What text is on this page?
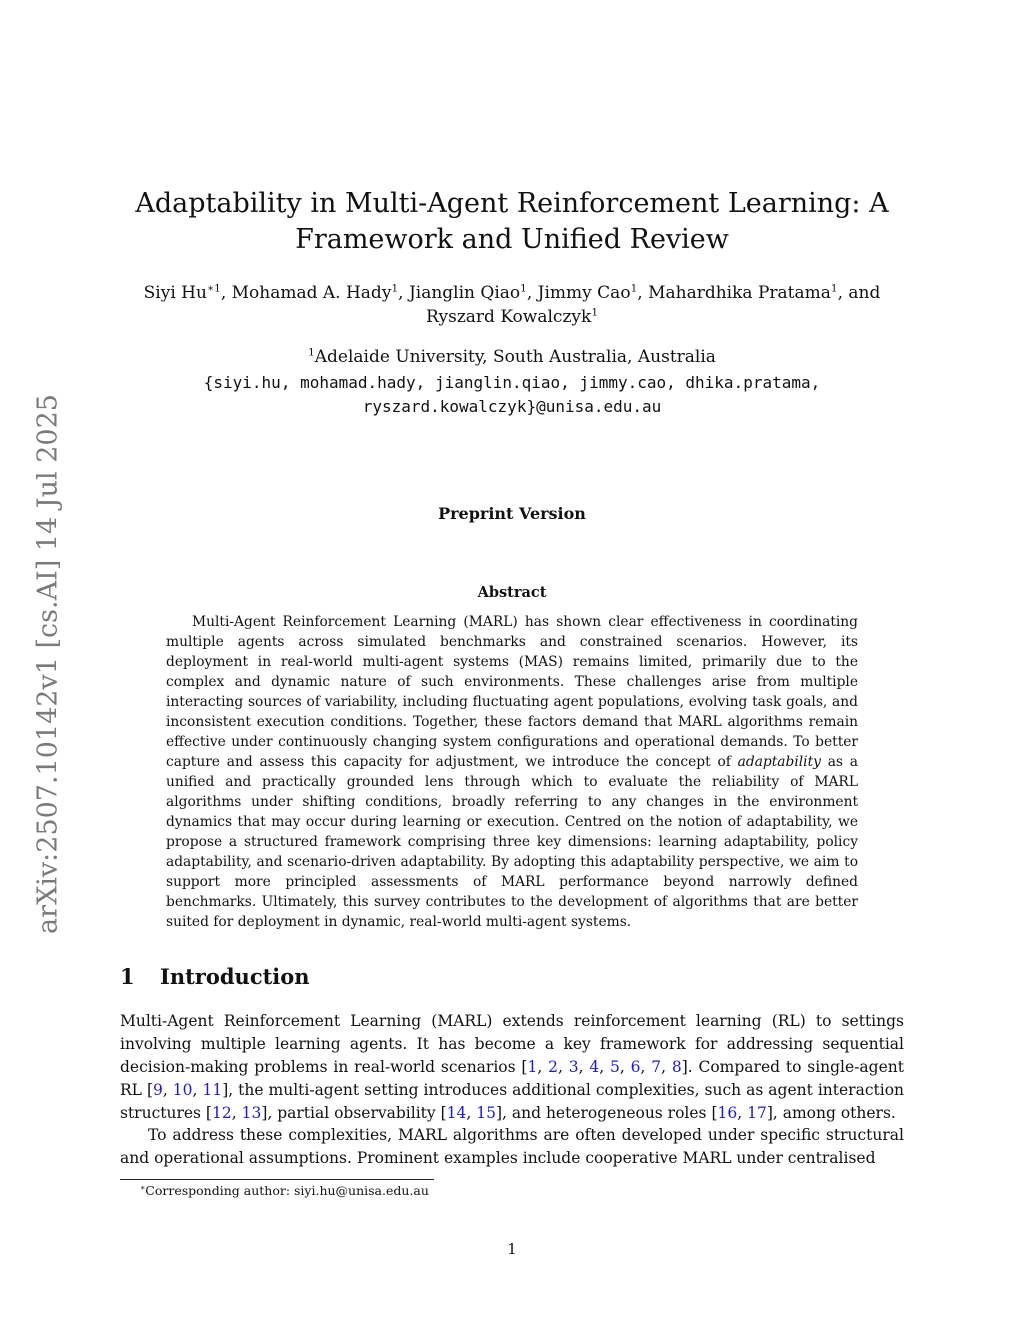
arXiv:2507.10142v1 [cs.AI] 14 Jul 2025
Adaptability in Multi-Agent Reinforcement Learning: A
Framework and Unified Review
Siyi $Hu^{∗1}$, Mohamad A. Hady$^1$, Jianglin Qiao$^1$, Jimmy Cao$^1$, Mahardhika Pratama$^1$, and
Ryszard Kowalczyk$^1$
$^1$Adelaide University, South Australia, Australia
{siyi.hu, mohamad.hady, jianglin.qiao, jimmy.cao, dhika.pratama,
ryszard.kowalczyk}@unisa.edu.au
Preprint Version
Abstract
Multi-Agent Reinforcement Learning (MARL) has shown clear effectiveness in coordinating multiple agents across simulated benchmarks and constrained scenarios. However, its deployment in real-world multi-agent systems (MAS) remains limited, primarily due to the complex and dynamic nature of such environments. These challenges arise from multiple interacting sources of variability, including fluctuating agent populations, evolving task goals, and inconsistent execution conditions. Together, these factors demand that MARL algorithms remain effective under continuously changing system configurations and operational demands. To better capture and assess this capacity for adjustment, we introduce the concept of adaptability as a unified and practically grounded lens through which to evaluate the reliability of MARL algorithms under shifting conditions, broadly referring to any changes in the environment dynamics that may occur during learning or execution. Centred on the notion of adaptability, we propose a structured framework comprising three key dimensions: learning adaptability, policy adaptability, and scenario-driven adaptability. By adopting this adaptability perspective, we aim to support more principled assessments of MARL performance beyond narrowly defined benchmarks. Ultimately, this survey contributes to the development of algorithms that are better suited for deployment in dynamic, real-world multi-agent systems.
1 Introduction
Multi-Agent Reinforcement Learning (MARL) extends reinforcement learning (RL) to settings involving multiple learning agents. It has become a key framework for addressing sequential decision-making problems in real-world scenarios [1, 2, 3, 4, 5, 6, 7, 8]. Compared to single-agent RL [9, 10, 11], the multi-agent setting introduces additional complexities, such as agent interaction structures [12, 13], partial observability [14, 15], and heterogeneous roles [16, 17], among others.
To address these complexities, MARL algorithms are often developed under specific structural and operational assumptions. Prominent examples include cooperative MARL under centralised
∗Corresponding author: siyi.hu@unisa.edu.au
1
